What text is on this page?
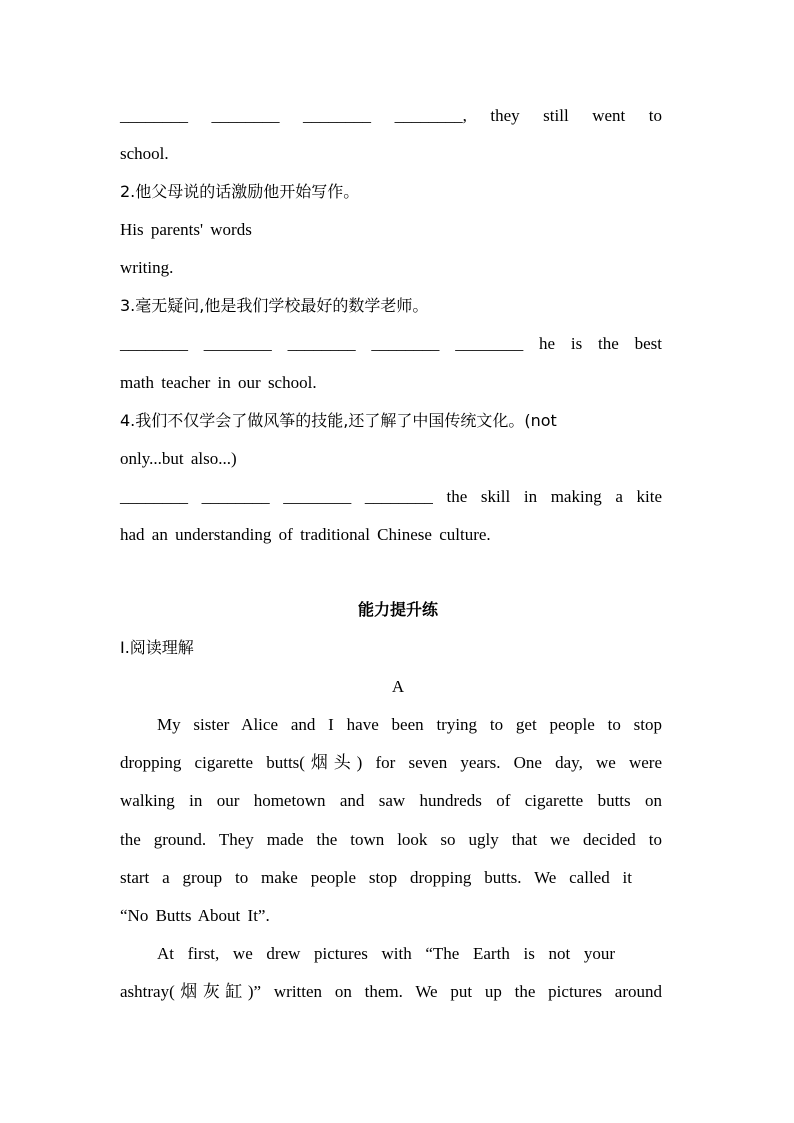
________ ________ ________ ________, they still went to
school.
2.他父母说的话激励他开始写作。
His parents' words
writing.
3.毫无疑问,他是我们学校最好的数学老师。
________ ________ ________ ________ ________ he is the best
math teacher in our school.
4.我们不仅学会了做风筝的技能,还了解了中国传统文化。(not
only...but also...)
________ ________ ________ ________ the skill in making a kite
had an understanding of traditional Chinese culture.
能力提升练
Ⅰ.阅读理解
A
My sister Alice and I have been trying to get people to stop
dropping cigarette butts(烟头) for seven years. One day, we were
walking in our hometown and saw hundreds of cigarette butts on
the ground. They made the town look so ugly that we decided to
start a group to make people stop dropping butts. We called it
“No Butts About It”.
At first, we drew pictures with “The Earth is not your
ashtray(烟灰缸)” written on them. We put up the pictures around
